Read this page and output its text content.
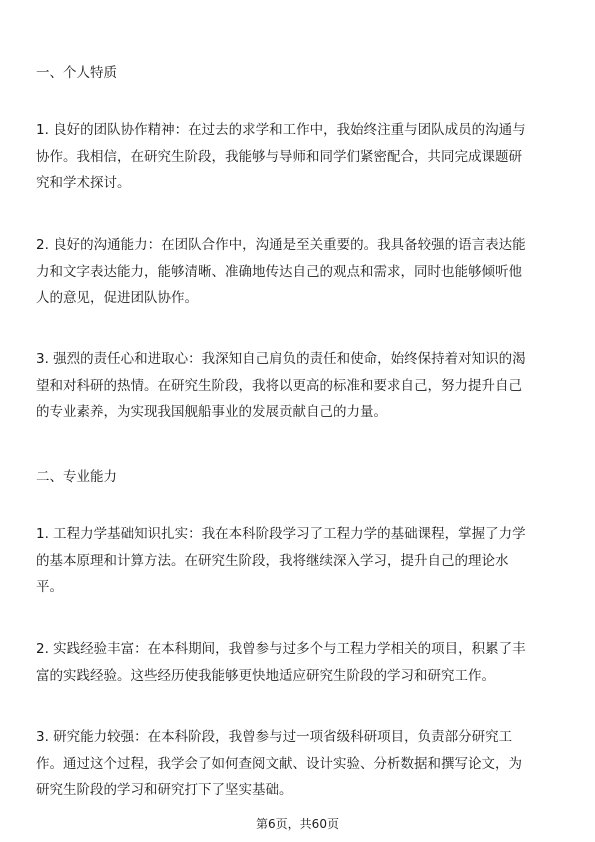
一、个人特质
1. 良好的团队协作精神：在过去的求学和工作中，我始终注重与团队成员的沟通与
协作。我相信，在研究生阶段，我能够与导师和同学们紧密配合，共同完成课题研
究和学术探讨。
2. 良好的沟通能力：在团队合作中，沟通是至关重要的。我具备较强的语言表达能
力和文字表达能力，能够清晰、准确地传达自己的观点和需求，同时也能够倾听他
人的意见，促进团队协作。
3. 强烈的责任心和进取心：我深知自己肩负的责任和使命，始终保持着对知识的渴
望和对科研的热情。在研究生阶段，我将以更高的标准和要求自己，努力提升自己
的专业素养，为实现我国舰船事业的发展贡献自己的力量。
二、专业能力
1. 工程力学基础知识扎实：我在本科阶段学习了工程力学的基础课程，掌握了力学
的基本原理和计算方法。在研究生阶段，我将继续深入学习，提升自己的理论水
平。
2. 实践经验丰富：在本科期间，我曾参与过多个与工程力学相关的项目，积累了丰
富的实践经验。这些经历使我能够更快地适应研究生阶段的学习和研究工作。
3. 研究能力较强：在本科阶段，我曾参与过一项省级科研项目，负责部分研究工
作。通过这个过程，我学会了如何查阅文献、设计实验、分析数据和撰写论文，为
研究生阶段的学习和研究打下了坚实基础。
第6页，共60页
